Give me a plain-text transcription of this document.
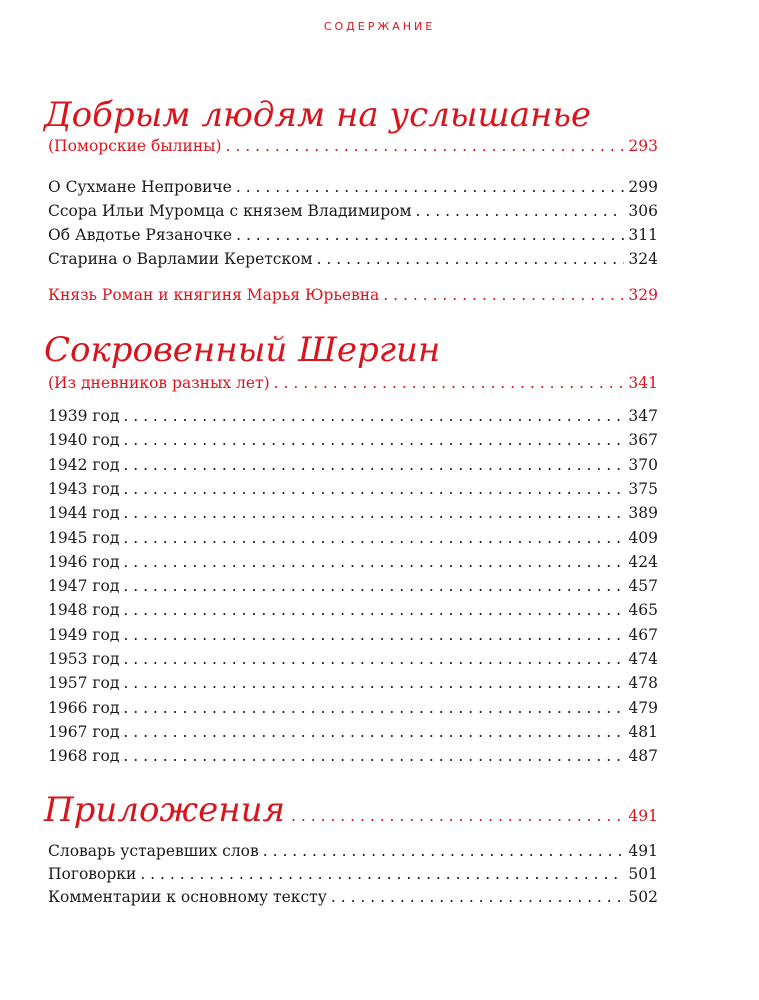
СОДЕРЖАНИЕ
Добрым людям на услышанье
(Поморские былины) . . .	293
О Сухмане Непровиче . . .	299
Ссора Ильи Муромца с князем Владимиром . . .	306
Об Авдотье Рязаночке . . .	311
Старина о Варламии Керетском . . .	324
Князь Роман и княгиня Марья Юрьевна . . .	329
Сокровенный Шергин
(Из дневников разных лет) . . .	341
1939 год . . .	347
1940 год . . .	367
1942 год . . .	370
1943 год . . .	375
1944 год . . .	389
1945 год . . .	409
1946 год . . .	424
1947 год . . .	457
1948 год . . .	465
1949 год . . .	467
1953 год . . .	474
1957 год . . .	478
1966 год . . .	479
1967 год . . .	481
1968 год . . .	487
Приложения . . .	491
Словарь устаревших слов . . .	491
Поговорки . . .	501
Комментарии к основному тексту . . .	502
